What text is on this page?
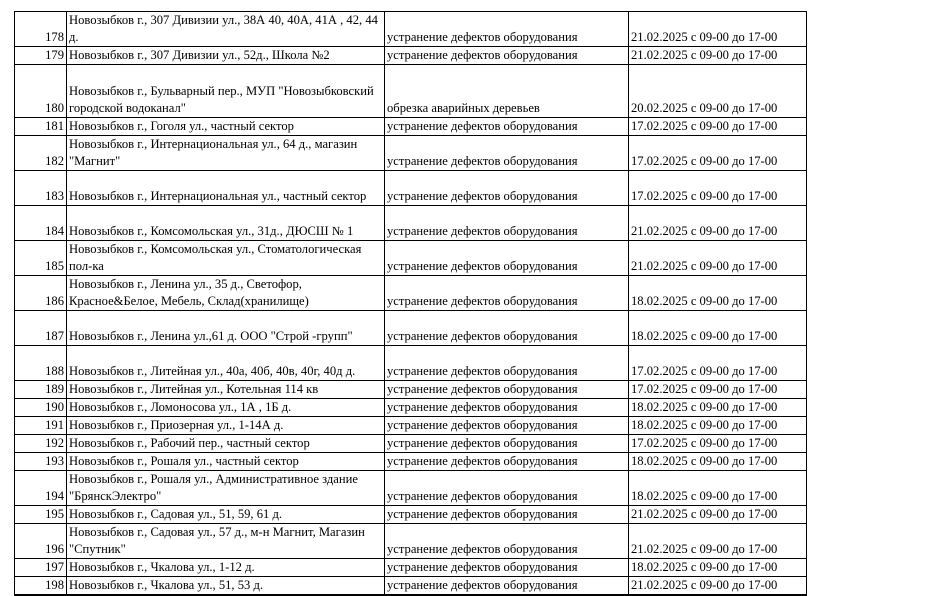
178	Новозыбков г., 307 Дивизии ул., 38А 40, 40А, 41А , 42, 44 д.	устранение дефектов оборудования	21.02.2025 с 09-00 до 17-00	
179	Новозыбков г., 307 Дивизии ул., 52д., Школа №2	устранение дефектов оборудования	21.02.2025 с 09-00 до 17-00	
180	Новозыбков г., Бульварный пер., МУП "Новозыбковский городской водоканал"	обрезка аварийных деревьев	20.02.2025 с 09-00 до 17-00	
181	Новозыбков г., Гоголя ул., частный сектор	устранение дефектов оборудования	17.02.2025 с 09-00 до 17-00	
182	Новозыбков г., Интернациональная ул., 64 д., магазин "Магнит"	устранение дефектов оборудования	17.02.2025 с 09-00 до 17-00	
183	Новозыбков г., Интернациональная ул., частный сектор	устранение дефектов оборудования	17.02.2025 с 09-00 до 17-00	
184	Новозыбков г., Комсомольская ул., 31д., ДЮСШ № 1	устранение дефектов оборудования	21.02.2025 с 09-00 до 17-00	
185	Новозыбков г., Комсомольская ул., Стоматологическая пол-ка	устранение дефектов оборудования	21.02.2025 с 09-00 до 17-00	
186	Новозыбков г., Ленина ул., 35 д., Светофор, Красное&Белое, Мебель, Склад(хранилище)	устранение дефектов оборудования	18.02.2025 с 09-00 до 17-00	
187	Новозыбков г., Ленина ул.,61 д. ООО "Строй -групп"	устранение дефектов оборудования	18.02.2025 с 09-00 до 17-00	
188	Новозыбков г., Литейная ул., 40а, 40б, 40в, 40г, 40д д.	устранение дефектов оборудования	17.02.2025 с 09-00 до 17-00	
189	Новозыбков г., Литейная ул., Котельная 114 кв	устранение дефектов оборудования	17.02.2025 с 09-00 до 17-00	
190	Новозыбков г., Ломоносова ул., 1А , 1Б д.	устранение дефектов оборудования	18.02.2025 с 09-00 до 17-00	
191	Новозыбков г., Приозерная ул., 1-14А д.	устранение дефектов оборудования	18.02.2025 с 09-00 до 17-00	
192	Новозыбков г., Рабочий пер., частный сектор	устранение дефектов оборудования	17.02.2025 с 09-00 до 17-00	
193	Новозыбков г., Рошаля ул., частный сектор	устранение дефектов оборудования	18.02.2025 с 09-00 до 17-00	
194	Новозыбков г., Рошаля ул., Административное здание "БрянскЭлектро"	устранение дефектов оборудования	18.02.2025 с 09-00 до 17-00	
195	Новозыбков г., Садовая ул., 51, 59, 61 д.	устранение дефектов оборудования	21.02.2025 с 09-00 до 17-00	
196	Новозыбков г., Садовая ул., 57 д., м-н Магнит, Магазин "Спутник"	устранение дефектов оборудования	21.02.2025 с 09-00 до 17-00	
197	Новозыбков г., Чкалова ул., 1-12 д.	устранение дефектов оборудования	18.02.2025 с 09-00 до 17-00	
198	Новозыбков г., Чкалова ул., 51, 53 д.	устранение дефектов оборудования	21.02.2025 с 09-00 до 17-00	
